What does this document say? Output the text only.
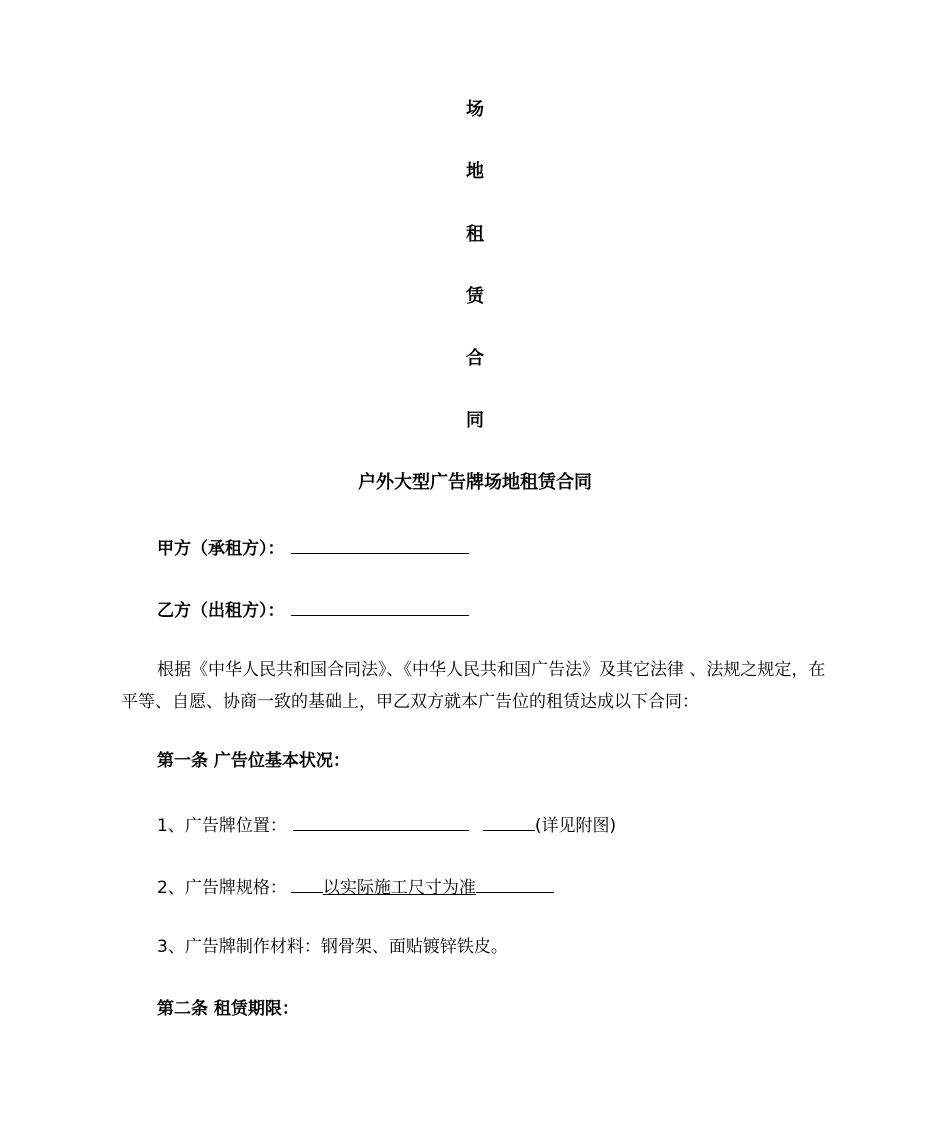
场
地
租
赁
合
同
户外大型广告牌场地租赁合同
甲方（承租方）：
乙方（出租方）：
根据《中华人民共和国合同法》、《中华人民共和国广告法》及其它法律 、法规之规定，在平等、自愿、协商一致的基础上，甲乙双方就本广告位的租赁达成以下合同：
第一条 广告位基本状况：
1、广告牌位置：	(详见附图)
2、广告牌规格： 以实际施工尺寸为准
3、广告牌制作材料：钢骨架、面贴镀锌铁皮。
第二条 租赁期限：
